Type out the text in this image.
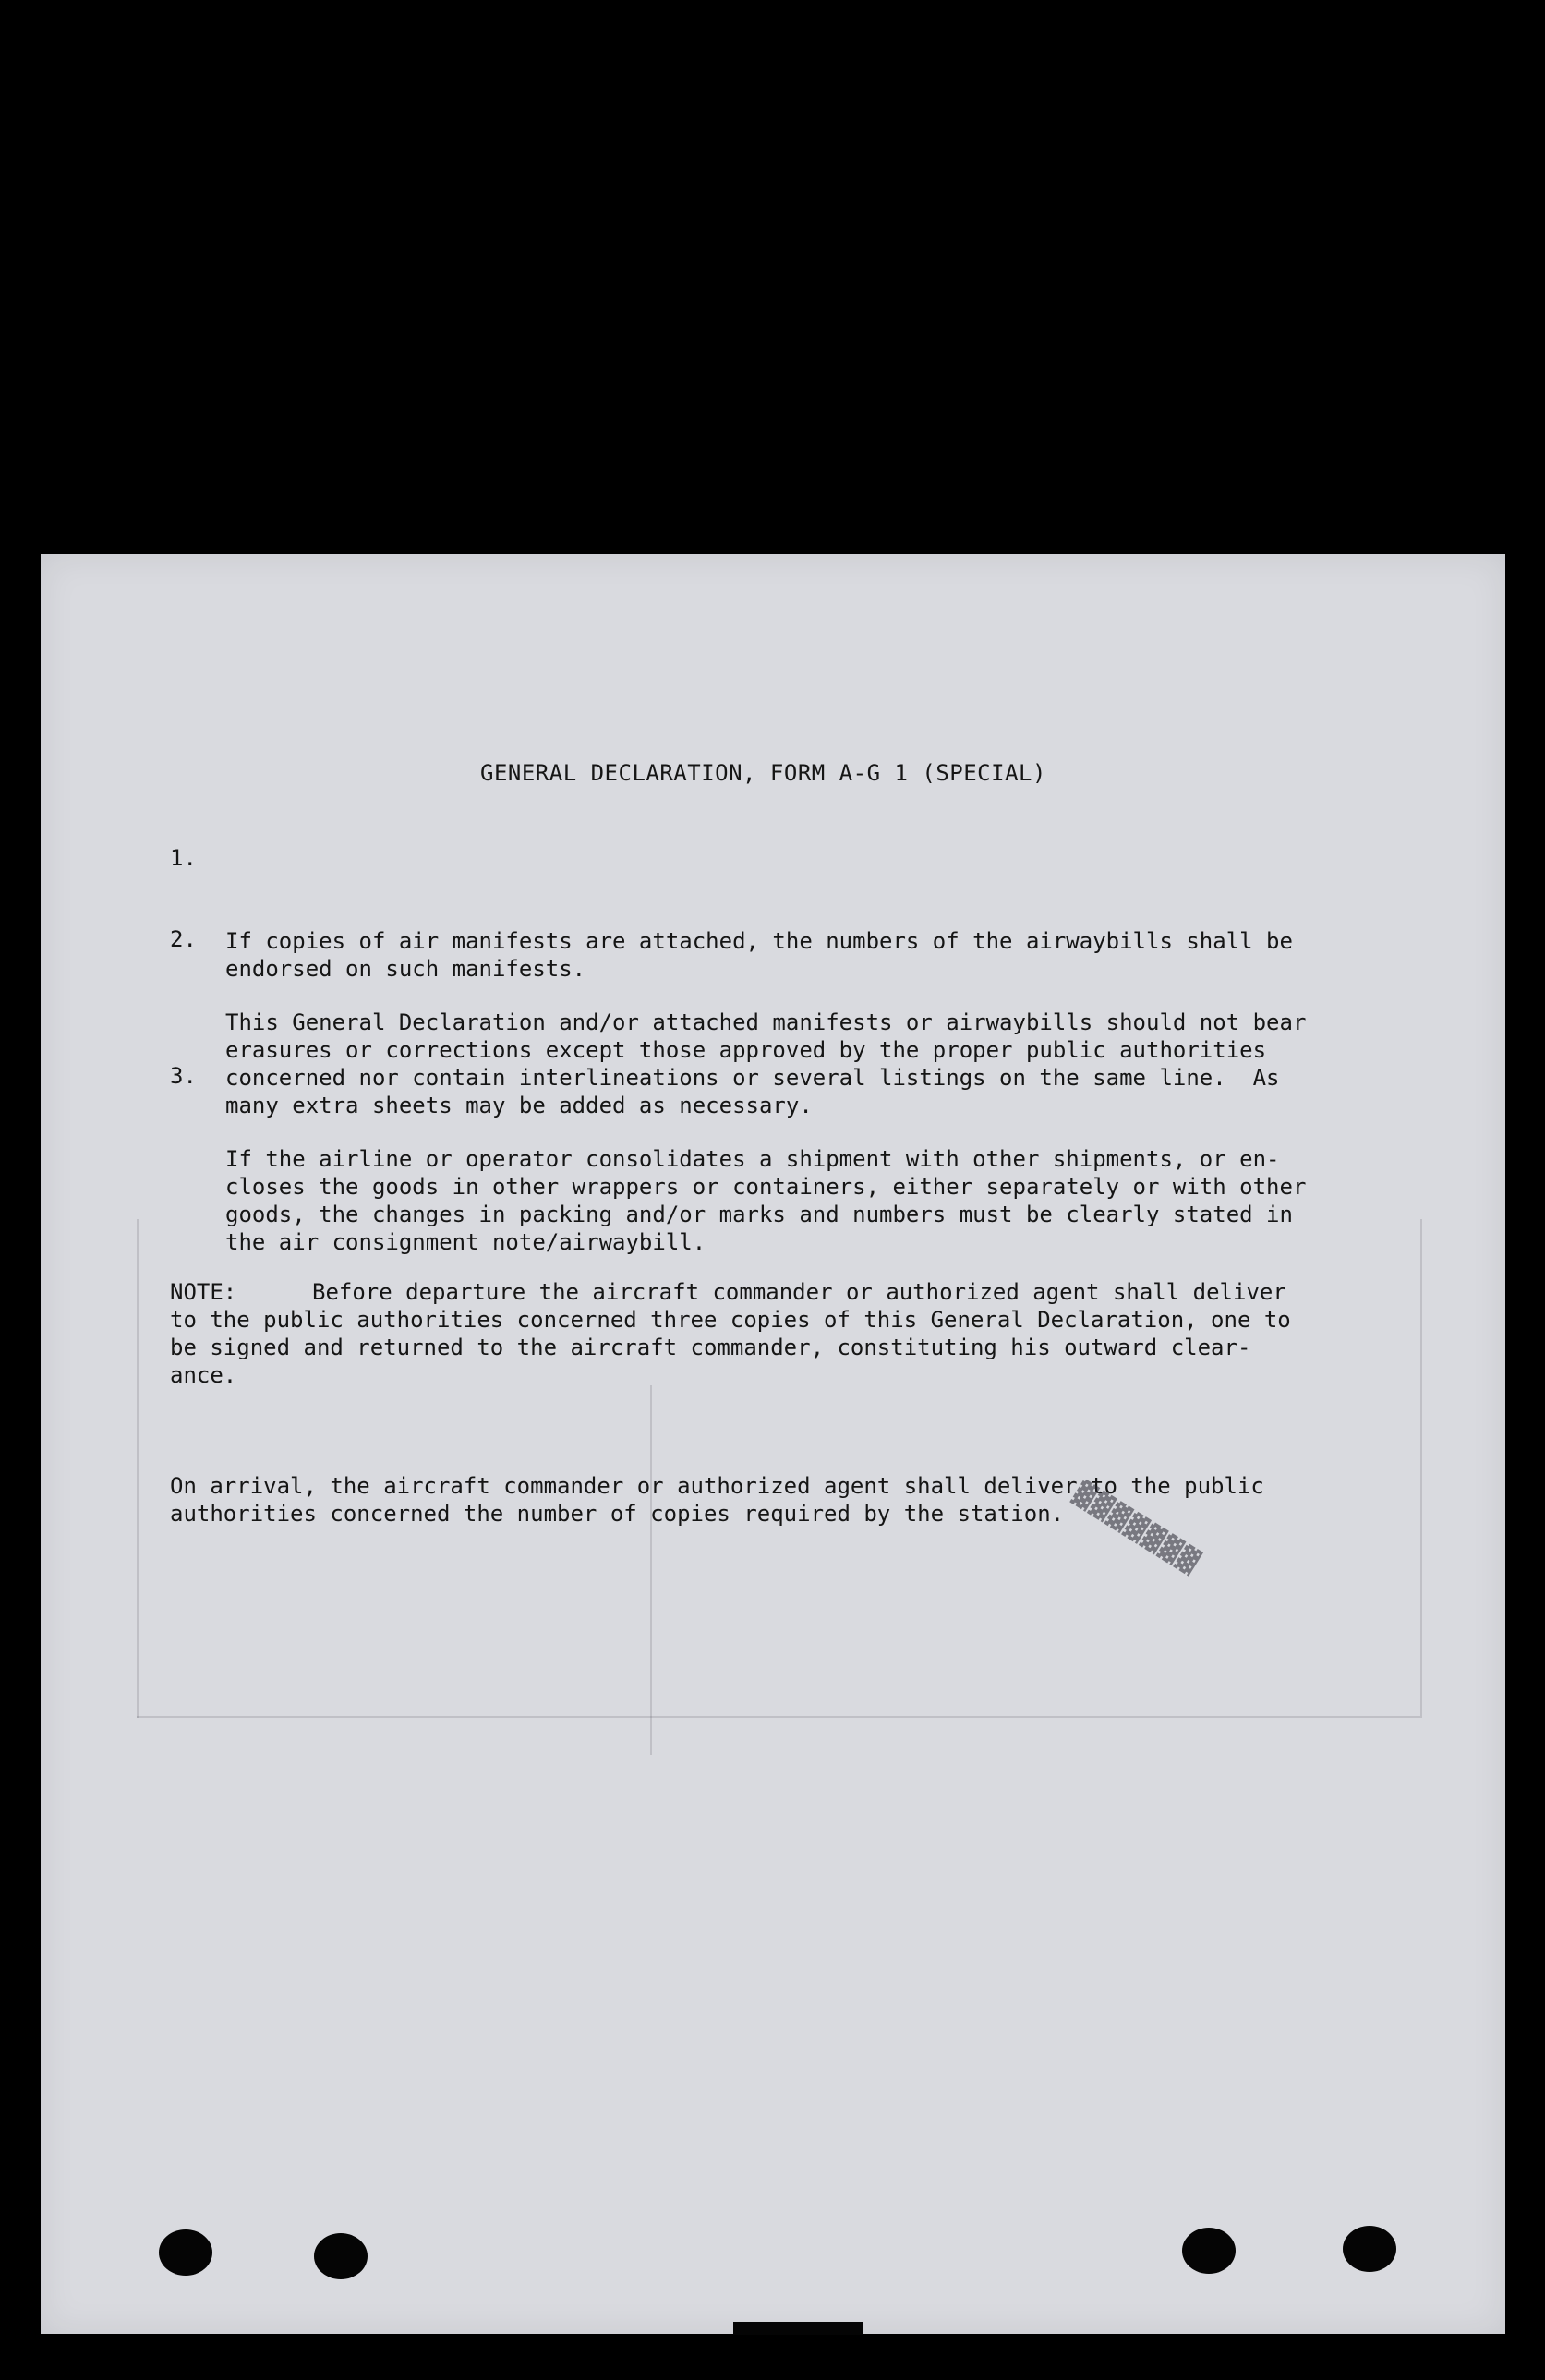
GENERAL DECLARATION, FORM A-G 1 (SPECIAL)

1.

If copies of air manifests are attached, the numbers of the airwaybills shall be
endorsed on such manifests.

2.

This General Declaration and/or attached manifests or airwaybills should not bear
erasures or corrections except those approved by the proper public authorities
concerned nor contain interlineations or several listings on the same line.  As
many extra sheets may be added as necessary.

3.

If the airline or operator consolidates a shipment with other shipments, or en-
closes the goods in other wrappers or containers, either separately or with other
goods, the changes in packing and/or marks and numbers must be clearly stated in
the air consignment note/airwaybill.

NOTE:	Before departure the aircraft commander or authorized agent shall deliver
to the public authorities concerned three copies of this General Declaration, one to
be signed and returned to the aircraft commander, constituting his outward clear-
ance.

On arrival, the aircraft commander or authorized agent shall deliver to the public
authorities concerned the number of copies required by the station.

▓▓▓▓▓▓▓
